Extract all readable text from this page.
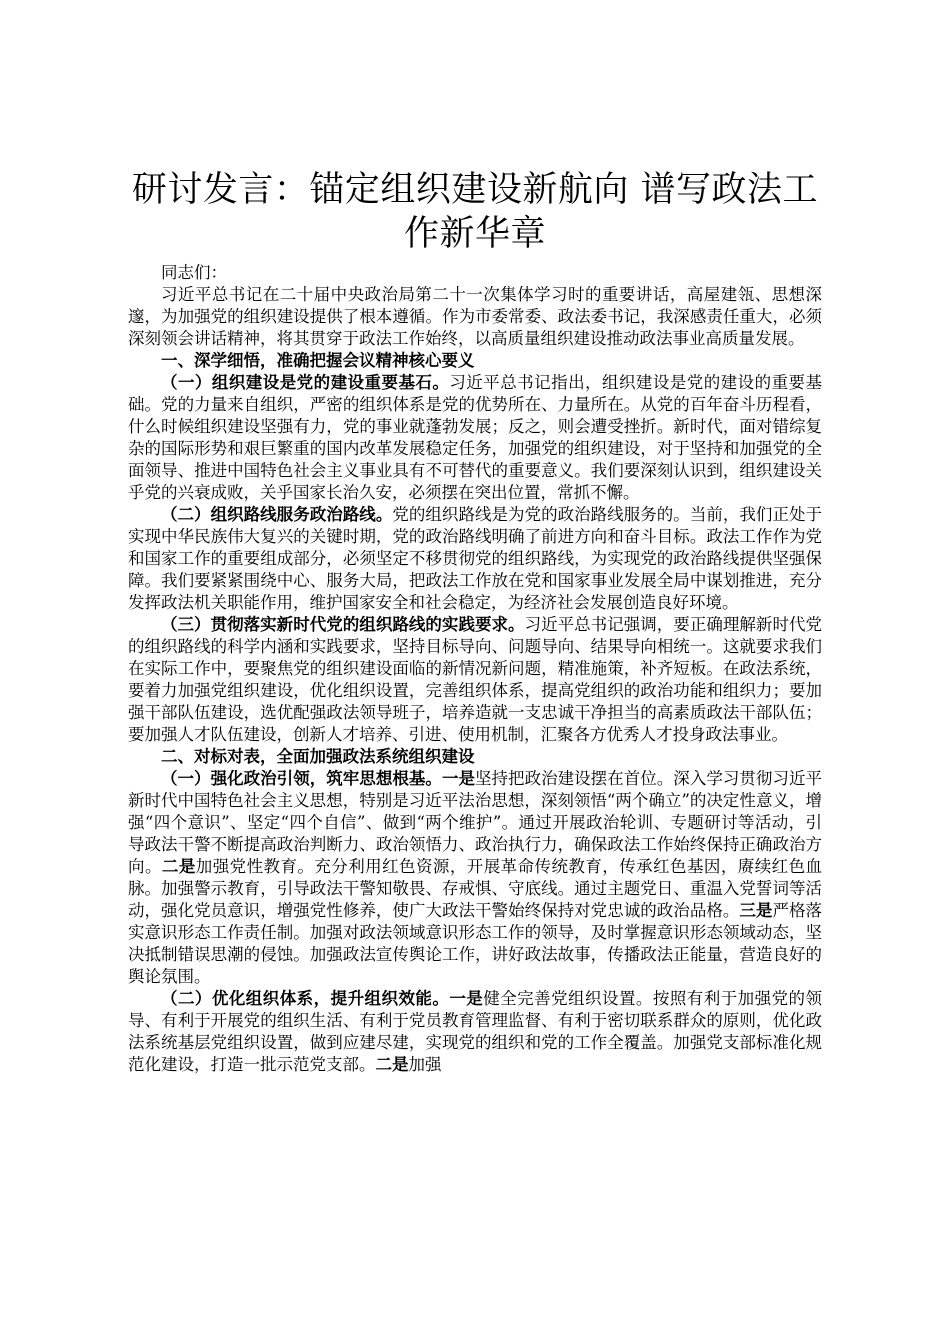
研讨发言：锚定组织建设新航向 谱写政法工作新华章

同志们：

习近平总书记在二十届中央政治局第二十一次集体学习时的重要讲话，高屋建瓴、思想深邃，为加强党的组织建设提供了根本遵循。作为市委常委、政法委书记，我深感责任重大，必须深刻领会讲话精神，将其贯穿于政法工作始终，以高质量组织建设推动政法事业高质量发展。

一、深学细悟，准确把握会议精神核心要义

（一）组织建设是党的建设重要基石。习近平总书记指出，组织建设是党的建设的重要基础。党的力量来自组织，严密的组织体系是党的优势所在、力量所在。从党的百年奋斗历程看，什么时候组织建设坚强有力，党的事业就蓬勃发展；反之，则会遭受挫折。新时代，面对错综复杂的国际形势和艰巨繁重的国内改革发展稳定任务，加强党的组织建设，对于坚持和加强党的全面领导、推进中国特色社会主义事业具有不可替代的重要意义。我们要深刻认识到，组织建设关乎党的兴衰成败，关乎国家长治久安，必须摆在突出位置，常抓不懈。

（二）组织路线服务政治路线。党的组织路线是为党的政治路线服务的。当前，我们正处于实现中华民族伟大复兴的关键时期，党的政治路线明确了前进方向和奋斗目标。政法工作作为党和国家工作的重要组成部分，必须坚定不移贯彻党的组织路线，为实现党的政治路线提供坚强保障。我们要紧紧围绕中心、服务大局，把政法工作放在党和国家事业发展全局中谋划推进，充分发挥政法机关职能作用，维护国家安全和社会稳定，为经济社会发展创造良好环境。

（三）贯彻落实新时代党的组织路线的实践要求。习近平总书记强调，要正确理解新时代党的组织路线的科学内涵和实践要求，坚持目标导向、问题导向、结果导向相统一。这就要求我们在实际工作中，要聚焦党的组织建设面临的新情况新问题，精准施策，补齐短板。在政法系统，要着力加强党组织建设，优化组织设置，完善组织体系，提高党组织的政治功能和组织力；要加强干部队伍建设，选优配强政法领导班子，培养造就一支忠诚干净担当的高素质政法干部队伍；要加强人才队伍建设，创新人才培养、引进、使用机制，汇聚各方优秀人才投身政法事业。

二、对标对表，全面加强政法系统组织建设

（一）强化政治引领，筑牢思想根基。一是坚持把政治建设摆在首位。深入学习贯彻习近平新时代中国特色社会主义思想，特别是习近平法治思想，深刻领悟“两个确立”的决定性意义，增强“四个意识”、坚定“四个自信”、做到“两个维护”。通过开展政治轮训、专题研讨等活动，引导政法干警不断提高政治判断力、政治领悟力、政治执行力，确保政法工作始终保持正确政治方向。二是加强党性教育。充分利用红色资源，开展革命传统教育，传承红色基因，赓续红色血脉。加强警示教育，引导政法干警知敬畏、存戒惧、守底线。通过主题党日、重温入党誓词等活动，强化党员意识，增强党性修养，使广大政法干警始终保持对党忠诚的政治品格。三是严格落实意识形态工作责任制。加强对政法领域意识形态工作的领导，及时掌握意识形态领域动态，坚决抵制错误思潮的侵蚀。加强政法宣传舆论工作，讲好政法故事，传播政法正能量，营造良好的舆论氛围。

（二）优化组织体系，提升组织效能。一是健全完善党组织设置。按照有利于加强党的领导、有利于开展党的组织生活、有利于党员教育管理监督、有利于密切联系群众的原则，优化政法系统基层党组织设置，做到应建尽建，实现党的组织和党的工作全覆盖。加强党支部标准化规范化建设，打造一批示范党支部。二是加强
